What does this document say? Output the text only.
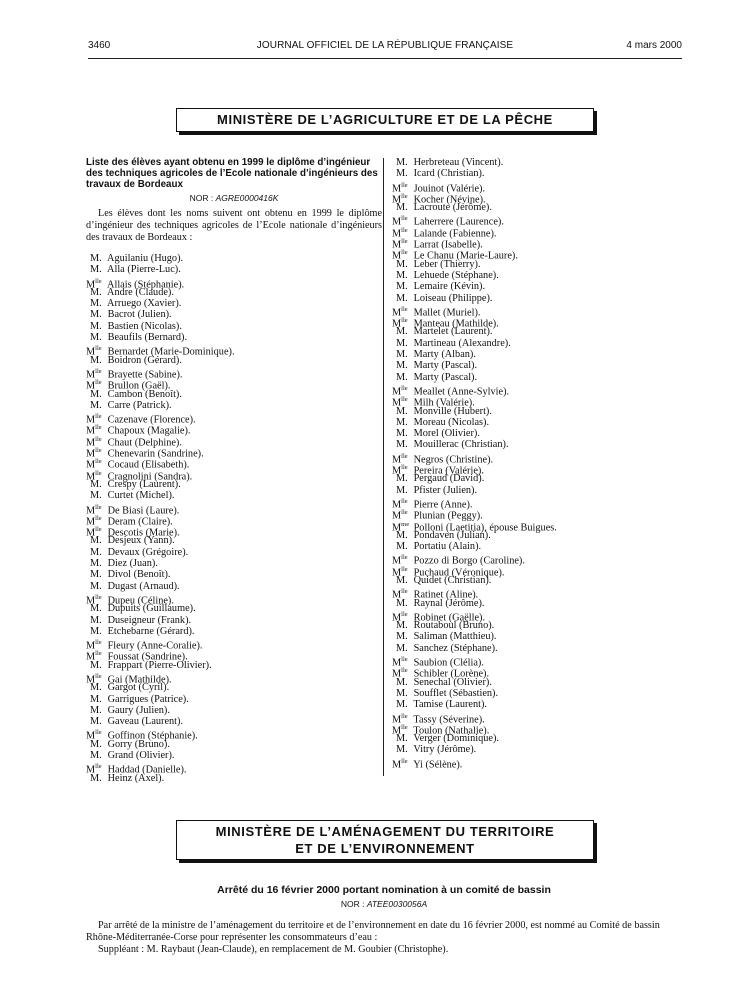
3460	JOURNAL OFFICIEL DE LA RÉPUBLIQUE FRANÇAISE	4 mars 2000
MINISTÈRE DE L’AGRICULTURE ET DE LA PÊCHE
Liste des élèves ayant obtenu en 1999 le diplôme d’ingénieur des techniques agricoles de l’Ecole nationale d’ingénieurs des travaux de Bordeaux
NOR : AGRE0000416K
Les élèves dont les noms suivent ont obtenu en 1999 le diplôme d’ingénieur des techniques agricoles de l’Ecole nationale d’ingénieurs des travaux de Bordeaux :
M. Aguilaniu (Hugo).
M. Alla (Pierre-Luc).
$M^{lle}$ Allais (Stéphanie).
M. Andre (Claude).
M. Arruego (Xavier).
M. Bacrot (Julien).
M. Bastien (Nicolas).
M. Beaufils (Bernard).
$M^{lle}$ Bernardet (Marie-Dominique).
M. Boidron (Gérard).
$M^{lle}$ Brayette (Sabine).
$M^{lle}$ Brullon (Gaël).
M. Cambon (Benoît).
M. Carre (Patrick).
$M^{lle}$ Cazenave (Florence).
$M^{lle}$ Chapoux (Magalie).
$M^{lle}$ Chaut (Delphine).
$M^{lle}$ Chenevarin (Sandrine).
$M^{lle}$ Cocaud (Elisabeth).
$M^{lle}$ Cragnolini (Sandra).
M. Crespy (Laurent).
M. Curtet (Michel).
$M^{lle}$ De Biasi (Laure).
$M^{lle}$ Deram (Claire).
$M^{lle}$ Descotis (Marie).
M. Desjeux (Yann).
M. Devaux (Grégoire).
M. Diez (Juan).
M. Divol (Benoît).
M. Dugast (Arnaud).
$M^{lle}$ Dupeu (Céline).
M. Dupuits (Guillaume).
M. Duseigneur (Frank).
M. Etchebarne (Gérard).
$M^{lle}$ Fleury (Anne-Coralie).
$M^{lle}$ Foussat (Sandrine).
M. Frappart (Pierre-Olivier).
$M^{lle}$ Gai (Mathilde).
M. Gargot (Cyril).
M. Garrigues (Patrice).
M. Gaury (Julien).
M. Gaveau (Laurent).
$M^{lle}$ Goffinon (Stéphanie).
M. Gorry (Bruno).
M. Grand (Olivier).
$M^{lle}$ Haddad (Danielle).
M. Heinz (Axel).
M. Herbreteau (Vincent).
M. Icard (Christian).
$M^{lle}$ Jouinot (Valérie).
$M^{lle}$ Kocher (Névine).
M. Lacroute (Jérôme).
$M^{lle}$ Laherrere (Laurence).
$M^{lle}$ Lalande (Fabienne).
$M^{lle}$ Larrat (Isabelle).
$M^{lle}$ Le Chanu (Marie-Laure).
M. Leber (Thierry).
M. Lehuede (Stéphane).
M. Lemaire (Kévin).
M. Loiseau (Philippe).
$M^{lle}$ Mallet (Muriel).
$M^{lle}$ Manteau (Mathilde).
M. Martelet (Laurent).
M. Martineau (Alexandre).
M. Marty (Alban).
M. Marty (Pascal).
M. Marty (Pascal).
$M^{lle}$ Meallet (Anne-Sylvie).
$M^{lle}$ Milh (Valérie).
M. Monville (Hubert).
M. Moreau (Nicolas).
M. Morel (Olivier).
M. Mouillerac (Christian).
$M^{lle}$ Negros (Christine).
$M^{lle}$ Pereira (Valérie).
M. Pergaud (David).
M. Pfister (Julien).
$M^{lle}$ Pierre (Anne).
$M^{lle}$ Plunian (Peggy).
$M^{me}$ Polloni (Laetitia), épouse Buigues.
M. Pondaven (Julian).
M. Portatiu (Alain).
$M^{lle}$ Pozzo di Borgo (Caroline).
$M^{lle}$ Puchaud (Véronique).
M. Quidet (Christian).
$M^{lle}$ Ratinet (Aline).
M. Raynal (Jérôme).
$M^{lle}$ Robinet (Gaëlle).
M. Routaboul (Bruno).
M. Saliman (Matthieu).
M. Sanchez (Stéphane).
$M^{lle}$ Saubion (Clélia).
$M^{lle}$ Schibler (Lorène).
M. Senechal (Olivier).
M. Soufflet (Sébastien).
M. Tamise (Laurent).
$M^{lle}$ Tassy (Séverine).
$M^{lle}$ Toulon (Nathalie).
M. Verger (Dominique).
M. Vitry (Jérôme).
$M^{lle}$ Yi (Sélène).
MINISTÈRE DE L’AMÉNAGEMENT DU TERRITOIRE
ET DE L’ENVIRONNEMENT
Arrêté du 16 février 2000 portant nomination à un comité de bassin
NOR : ATEE0030056A

Par arrêté de la ministre de l’aménagement du territoire et de l’environnement en date du 16 février 2000, est nommé au Comité de bassin Rhône-Méditerranée-Corse pour représenter les consommateurs d’eau :

Suppléant : M. Raybaut (Jean-Claude), en remplacement de M. Goubier (Christophe).
